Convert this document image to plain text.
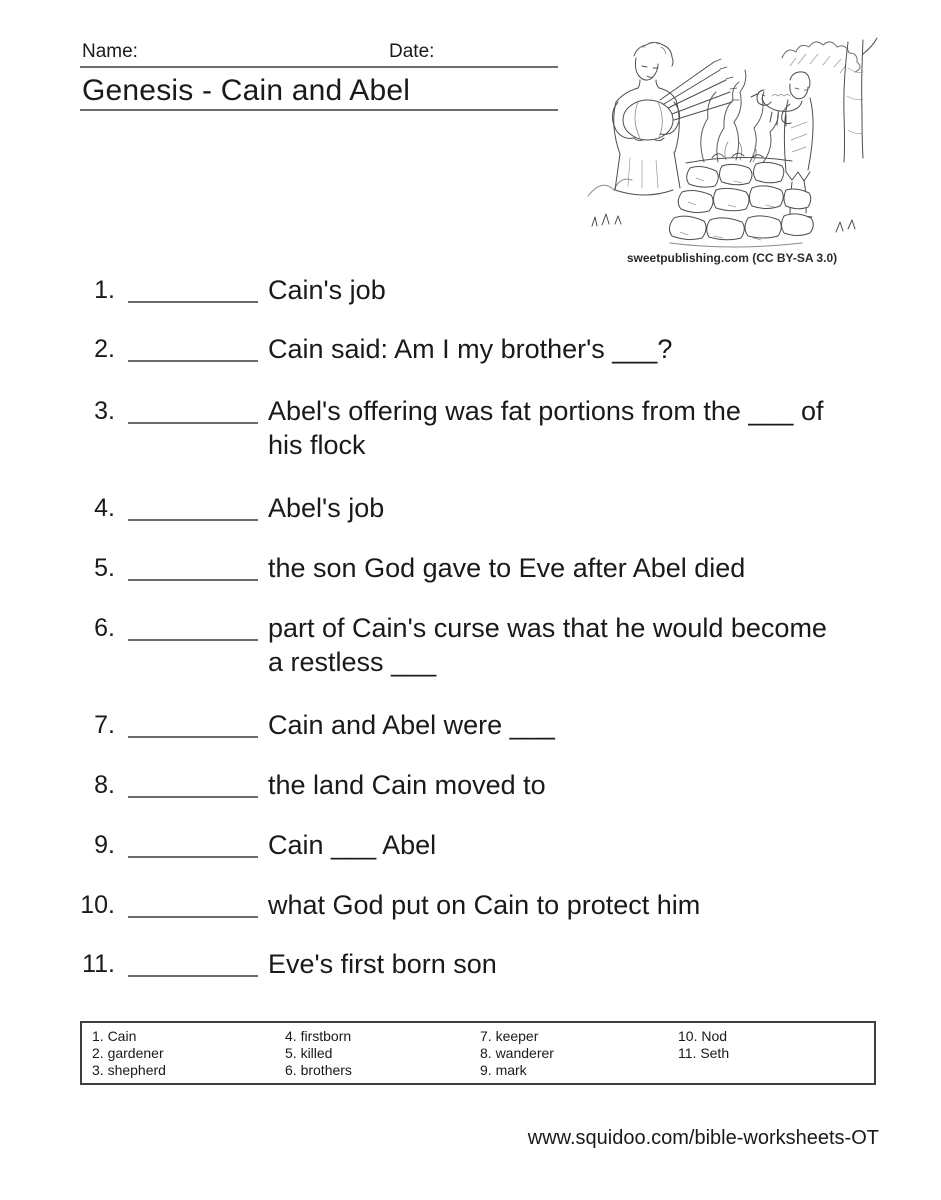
Name:	Date:
Genesis - Cain and Abel
sweetpublishing.com (CC BY-SA 3.0)
1.	Cain's job
2.	Cain said: Am I my brother's ___?
3.	Abel's offering was fat portions from the ___ of his flock
4.	Abel's job
5.	the son God gave to Eve after Abel died
6.	part of Cain's curse was that he would become a restless ___
7.	Cain and Abel were ___
8.	the land Cain moved to
9.	Cain ___ Abel
10.	what God put on Cain to protect him
11.	Eve's first born son
1. Cain
2. gardener
3. shepherd
4. firstborn
5. killed
6. brothers
7. keeper
8. wanderer
9. mark
10. Nod
11. Seth
www.squidoo.com/bible-worksheets-OT
